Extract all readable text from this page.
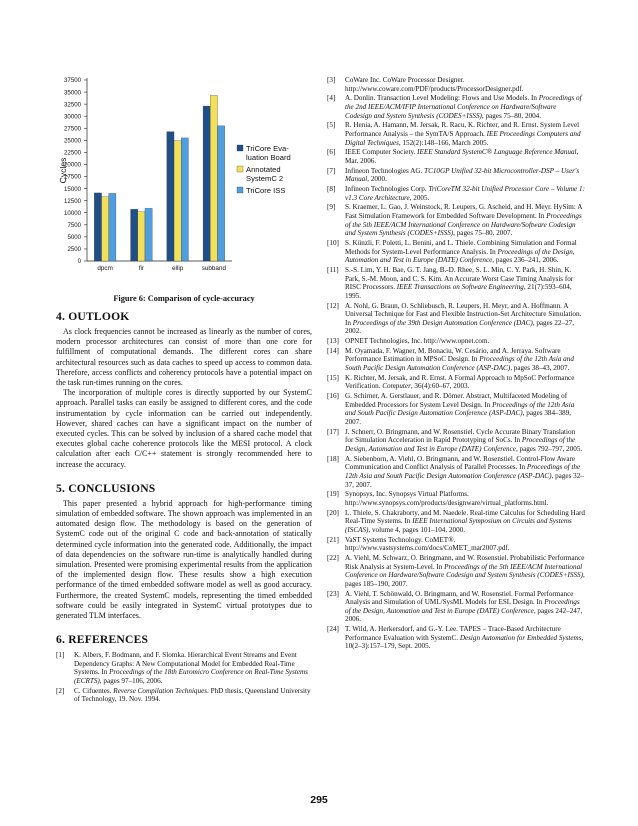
0
2500
5000
7500
10000
12500
15000
17500
20000
22500
25000
27500
30000
32500
35000
37500
Cycles
dpcm	fir	ellip	subband
TriCore Eva-
luation Board
Annotated
SystemC 2
TriCore ISS
Figure 6: Comparison of cycle-accuracy
4. OUTLOOK

As clock frequencies cannot be increased as linearly as the number of cores, modern processor architectures can consist of more than one core for fulfillment of computational demands. The different cores can share architectural resources such as data caches to speed up access to common data. Therefore, access conflicts and coherency protocols have a potential impact on the task run-times running on the cores.

The incorporation of multiple cores is directly supported by our SystemC approach. Parallel tasks can easily be assigned to different cores, and the code instrumentation by cycle information can be carried out independently. However, shared caches can have a significant impact on the number of executed cycles. This can be solved by inclusion of a shared cache model that executes global cache coherence protocols like the MESI protocol. A clock calculation after each C/C++ statement is strongly recommended here to increase the accuracy.

5. CONCLUSIONS

This paper presented a hybrid approach for high-performance timing simulation of embedded software. The shown approach was implemented in an automated design flow. The methodology is based on the generation of SystemC code out of the original C code and back-annotation of statically determined cycle information into the generated code. Additionally, the impact of data dependencies on the software run-time is analytically handled during simulation. Presented were promising experimental results from the application of the implemented design flow. These results show a high execution performance of the timed embedded software model as well as good accuracy. Furthermore, the created SystemC models, representing the timed embedded software could be easily integrated in SystemC virtual prototypes due to generated TLM interfaces.

6. REFERENCES
[1] K. Albers, F. Bodmann, and F. Slomka. Hierarchical Event Streams and Event Dependency Graphs: A New Computational Model for Embedded Real-Time Systems. In Proceedings of the 18th Euromicro Conference on Real-Time Systems (ECRTS), pages 97–106, 2006.
[2] C. Cifuentes. Reverse Compilation Techniques. PhD thesis, Queensland University of Technology, 19. Nov. 1994.
[3] CoWare Inc. CoWare Processor Designer. http://www.coware.com/PDF/products/ProcessorDesigner.pdf.
[4] A. Donlin. Transaction Level Modeling: Flows and Use Models. In Proceedings of the 2nd IEEE/ACM/IFIP International Conference on Hardware/Software Codesign and System Synthesis (CODES+ISSS), pages 75–80, 2004.
[5] R. Henia, A. Hamann, M. Jersak, R. Racu, K. Richter, and R. Ernst. System Level Performance Analysis – the SymTA/S Approach. IEE Proceedings Computers and Digital Techniques, 152(2):148–166, March 2005.
[6] IEEE Computer Society. IEEE Standard SystemC® Language Reference Manual, Mar. 2006.
[7] Infineon Technologies AG. TC10GP Unified 32-bit Microcontroller-DSP – User's Manual, 2000.
[8] Infineon Technologies Corp. TriCoreTM 32-bit Unified Processor Core – Volume 1: v1.3 Core Architecture, 2005.
[9] S. Kraemer, L. Gao, J. Weinstock, R. Leupers, G. Ascheid, and H. Meyr. HySim: A Fast Simulation Framework for Embedded Software Development. In Proceedings of the 5th IEEE/ACM International Conference on Hardware/Software Codesign and System Synthesis (CODES+ISSS), pages 75–80, 2007.
[10] S. Künzli, F. Poletti, L. Benini, and L. Thiele. Combining Simulation and Formal Methods for System-Level Performance Analysis. In Proceedings of the Design, Automation and Test in Europe (DATE) Conference, pages 236–241, 2006.
[11] S.-S. Lim, Y. H. Bae, G. T. Jang, B.-D. Rhee, S. L. Min, C. Y. Park, H. Shin, K. Park, S.-M. Moon, and C. S. Kim. An Accurate Worst Case Timing Analysis for RISC Processors. IEEE Transactions on Software Engineering, 21(7):593–604, 1995.
[12] A. Nohl, G. Braun, O. Schliebusch, R. Leupers, H. Meyr, and A. Hoffmann. A Universal Technique for Fast and Flexible Instruction-Set Architecture Simulation. In Proceedings of the 39th Design Automation Conference (DAC), pages 22–27, 2002.
[13] OPNET Technologies, Inc. http://www.opnet.com.
[14] M. Oyamada, F. Wagner, M. Bonaciu, W. Cesário, and A. Jerraya. Software Performance Estimation in MPSoC Design. In Proceedings of the 12th Asia and South Pacific Design Automation Conference (ASP-DAC), pages 38–43, 2007.
[15] K. Richter, M. Jersak, and R. Ernst. A Formal Approach to MpSoC Performance Verification. Computer, 36(4):60–67, 2003.
[16] G. Schirner, A. Gerstlauer, and R. Dömer. Abstract, Multifaceted Modeling of Embedded Processors for System Level Design. In Proceedings of the 12th Asia and South Pacific Design Automation Conference (ASP-DAC), pages 384–389, 2007.
[17] J. Schnerr, O. Bringmann, and W. Rosenstiel. Cycle Accurate Binary Translation for Simulation Acceleration in Rapid Prototyping of SoCs. In Proceedings of the Design, Automation and Test in Europe (DATE) Conference, pages 792–797, 2005.
[18] A. Siebenborn, A. Viehl, O. Bringmann, and W. Rosenstiel. Control-Flow Aware Communication and Conflict Analysis of Parallel Processes. In Proceedings of the 12th Asia and South Pacific Design Automation Conference (ASP-DAC), pages 32–37, 2007.
[19] Synopsys, Inc. Synopsys Virtual Platforms. http://www.synopsys.com/products/designware/virtual_platforms.html.
[20] L. Thiele, S. Chakraborty, and M. Naedele. Real-time Calculus for Scheduling Hard Real-Time Systems. In IEEE International Symposium on Circuits and Systems (ISCAS), volume 4, pages 101–104, 2000.
[21] VaST Systems Technology. CoMET®. http://www.vastsystems.com/docs/CoMET_mar2007.pdf.
[22] A. Viehl, M. Schwarz, O. Bringmann, and W. Rosenstiel. Probabilistic Performance Risk Analysis at System-Level. In Proceedings of the 5th IEEE/ACM International Conference on Hardware/Software Codesign and System Synthesis (CODES+ISSS), pages 185–190, 2007.
[23] A. Viehl, T. Schönwald, O. Bringmann, and W. Rosenstiel. Formal Performance Analysis and Simulation of UML/SysML Models for ESL Design. In Proceedings of the Design, Automation and Test in Europe (DATE) Conference, pages 242–247, 2006.
[24] T. Wild, A. Herkersdorf, and G.-Y. Lee. TAPES – Trace-Based Architecture Performance Evaluation with SystemC. Design Automation for Embedded Systems, 10(2–3):157–179, Sept. 2005.
295
